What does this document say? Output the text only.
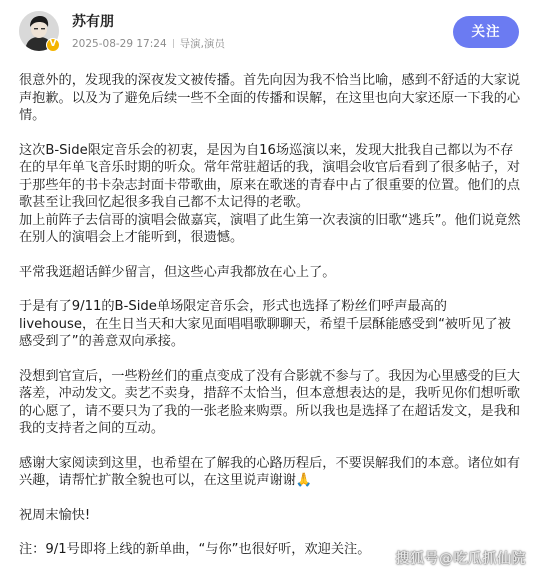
V
苏有朋
2025-08-29 17:24 导演,演员
关注

很意外的，发现我的深夜发文被传播。首先向因为我不恰当比喻，感到不舒适的大家说声抱歉。以及为了避免后续一些不全面的传播和误解，在这里也向大家还原一下我的心情。

这次B-Side限定音乐会的初衷，是因为自16场巡演以来，发现大批我自己都以为不存在的早年单飞音乐时期的听众。常年常驻超话的我，演唱会收官后看到了很多帖子，对于那些年的书卡杂志封面卡带歌曲，原来在歌迷的青春中占了很重要的位置。他们的点歌甚至让我回忆起很多我自己都不太记得的老歌。

加上前阵子去信哥的演唱会做嘉宾，演唱了此生第一次表演的旧歌“逃兵”。他们说竟然在别人的演唱会上才能听到，很遗憾。

平常我逛超话鲜少留言，但这些心声我都放在心上了。

于是有了9/11的B-Side单场限定音乐会，形式也选择了粉丝们呼声最高的livehouse，在生日当天和大家见面唱唱歌聊聊天，希望千层酥能感受到“被听见了被感受到了”的善意双向承接。

没想到官宣后，一些粉丝们的重点变成了没有合影就不参与了。我因为心里感受的巨大落差，冲动发文。卖艺不卖身，措辞不太恰当，但本意想表达的是，我听见你们想听歌的心愿了，请不要只为了我的一张老脸来购票。所以我也是选择了在超话发文，是我和我的支持者之间的互动。

感谢大家阅读到这里，也希望在了解我的心路历程后，不要误解我们的本意。诸位如有兴趣，请帮忙扩散全貌也可以，在这里说声谢谢🙏

祝周末愉快!

注：9/1号即将上线的新单曲，“与你”也很好听，欢迎关注。

搜狐号@吃瓜抓仙院
